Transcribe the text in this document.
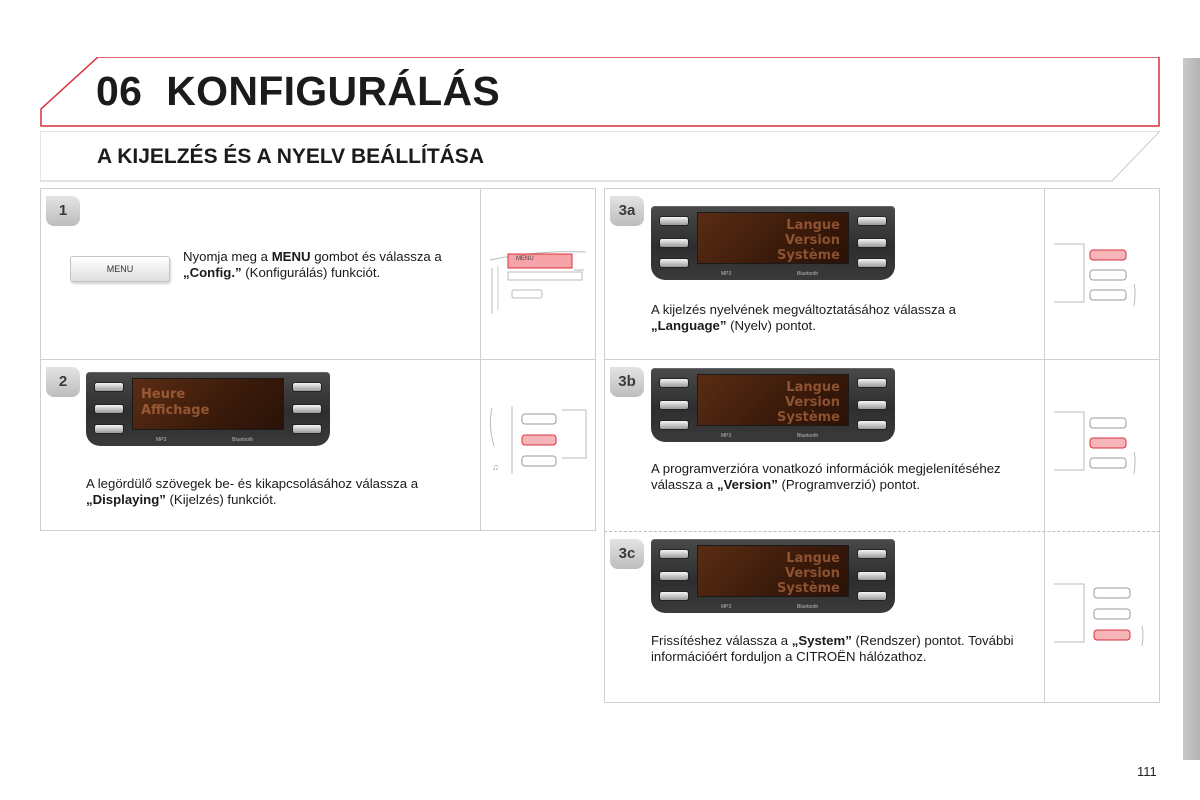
06 KONFIGURÁLÁS
A KIJELZÉS ÉS A NYELV BEÁLLÍTÁSA
1
MENU
Nyomja meg a MENU gombot és válassza a „Config.” (Konfigurálás) funkciót.
MENU
2
Heure
Affichage
MP3	Bluetooth
A legördülő szövegek be- és kikapcsolásához válassza a „Displaying” (Kijelzés) funkciót.
♫
3a
Langue
Version
Système
MP3	Bluetooth
A kijelzés nyelvének megváltoztatásához válassza a „Language” (Nyelv) pontot.
3b	Langue
Version
Système
MP3	Bluetooth
A programverzióra vonatkozó információk megjelenítéséhez válassza a „Version” (Programverzió) pontot.
3c	Langue
Version
Système
MP3	Bluetooth
Frissítéshez válassza a „System” (Rendszer) pontot. További információért forduljon a CITROËN hálózathoz.
111
